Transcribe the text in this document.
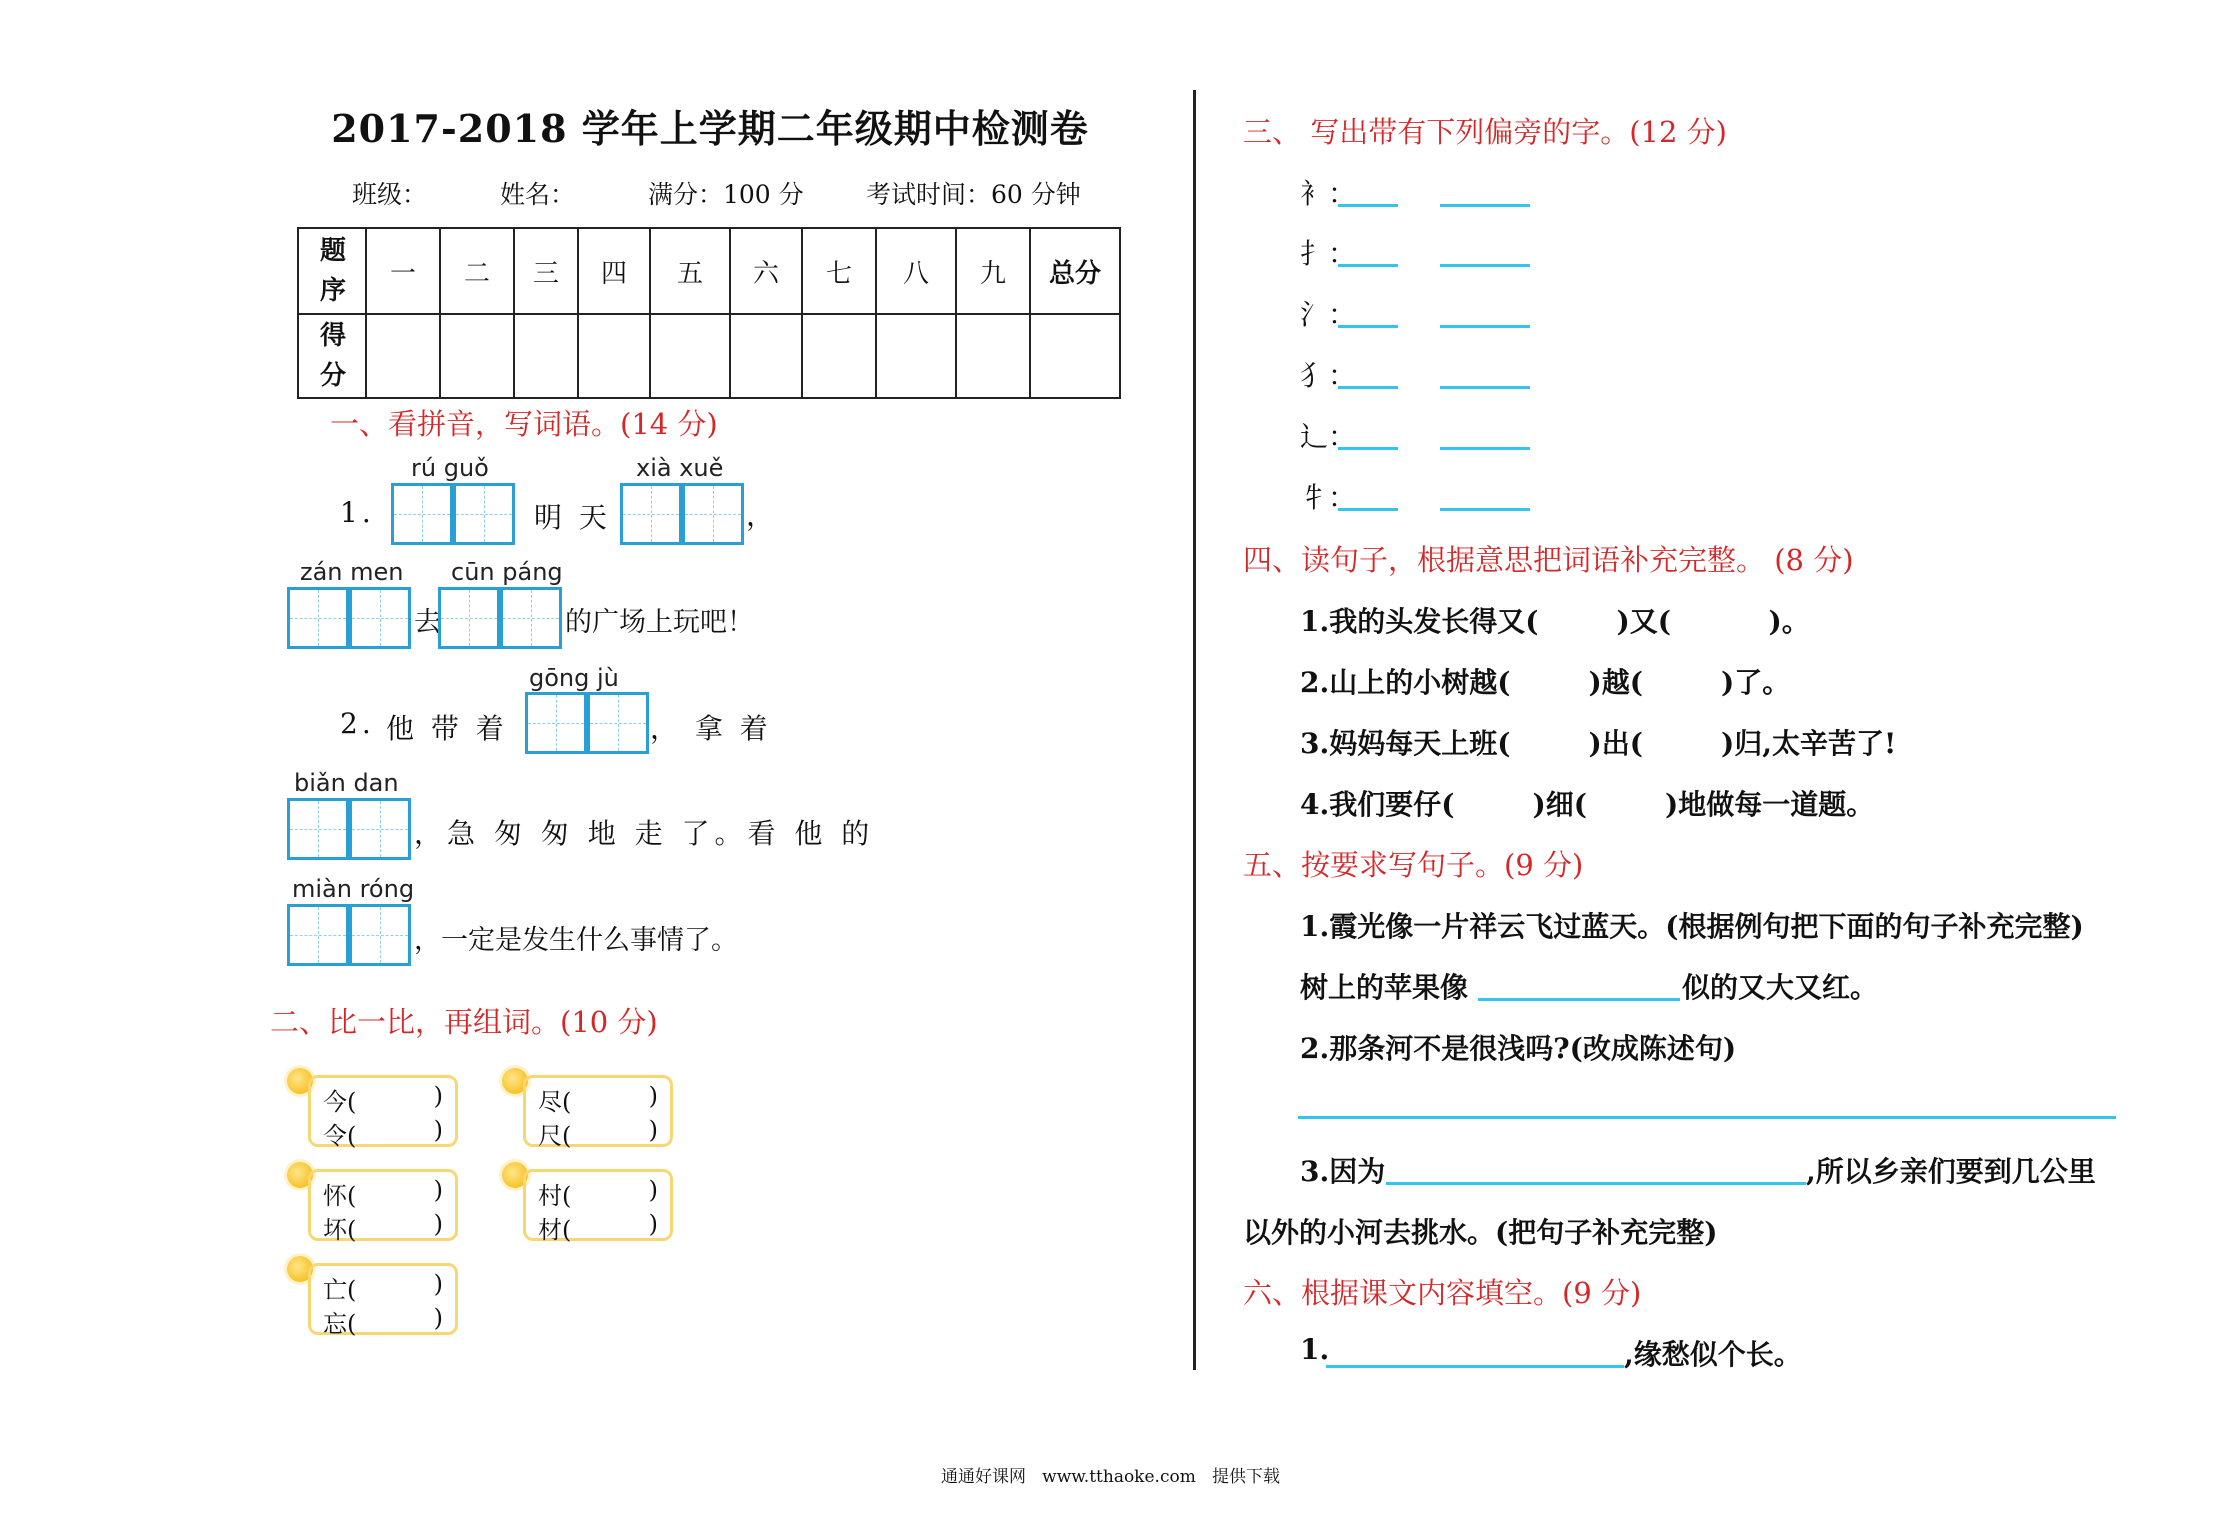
2017-2018 学年上学期二年级期中检测卷
班级：	姓名：	满分：100 分 考试时间：60 分钟
题序	一	二	三	四	五	六	七	八	九	总分

得分										

一、看拼音，写词语。(14 分)
1.
rú guǒ
明 天
xià xuě
，
zán men
去
cūn páng
的广场上玩吧！
2. 他 带 着
gōng jù
， 拿 着
biǎn dan
，急 匆 匆 地 走 了。看 他 的
miàn róng
，一定是发生什么事情了。
二、比一比，再组词。(10 分)
今(	)
令(	)
尽(	)
尺(	)
怀(	)
坏(	)
村(	)
材(	)
亡(	)
忘(	)
三、 写出带有下列偏旁的字。(12 分)
衤：
扌：
氵：
犭：
辶：
牜：
四、读句子，根据意思把词语补充完整。 (8 分)
1.我的头发长得又(        )又(          )。
2.山上的小树越(        )越(        )了。
3.妈妈每天上班(        )出(        )归,太辛苦了!
4.我们要仔(        )细(        )地做每一道题。
五、按要求写句子。(9 分)
1.霞光像一片祥云飞过蓝天。(根据例句把下面的句子补充完整)
树上的苹果像	似的又大又红。
2.那条河不是很浅吗?(改成陈述句)
3.因为	,所以乡亲们要到几公里
以外的小河去挑水。(把句子补充完整)
六、根据课文内容填空。(9 分)
1.	,缘愁似个长。
通通好课网   www.tthaoke.com   提供下载
